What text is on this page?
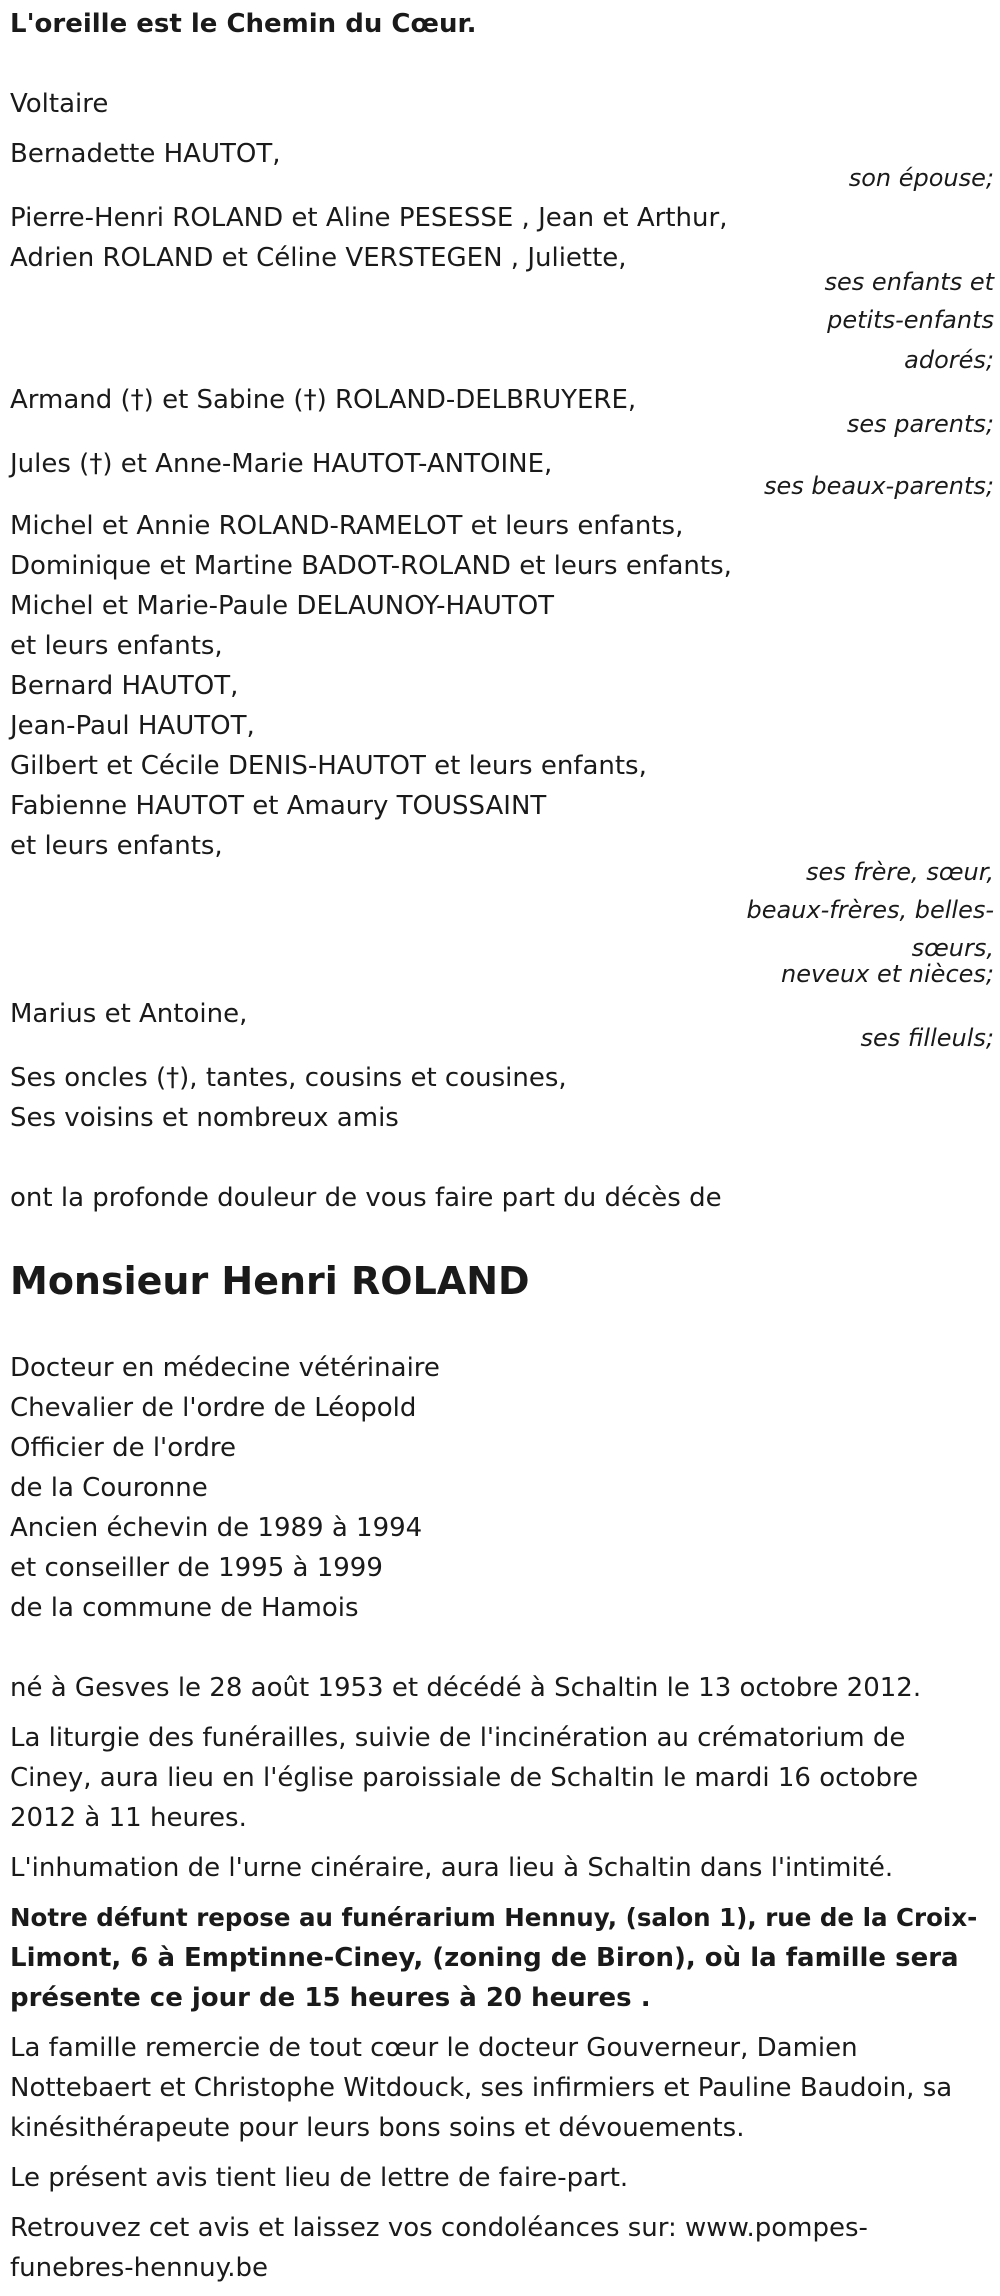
L'oreille est le Chemin du Cœur.
Voltaire
Bernadette HAUTOT,
son épouse;
Pierre-Henri ROLAND et Aline PESESSE , Jean et Arthur,
Adrien ROLAND et Céline VERSTEGEN , Juliette,
ses enfants et
petits-enfants
adorés;
Armand (†) et Sabine (†) ROLAND-DELBRUYERE,
ses parents;
Jules (†) et Anne-Marie HAUTOT-ANTOINE,
ses beaux-parents;
Michel et Annie ROLAND-RAMELOT et leurs enfants,
Dominique et Martine BADOT-ROLAND et leurs enfants,
Michel et Marie-Paule DELAUNOY-HAUTOT
et leurs enfants,
Bernard HAUTOT,
Jean-Paul HAUTOT,
Gilbert et Cécile DENIS-HAUTOT et leurs enfants,
Fabienne HAUTOT et Amaury TOUSSAINT
et leurs enfants,
ses frère, sœur,
beaux-frères, belles-
sœurs,
neveux et nièces;
Marius et Antoine,
ses filleuls;
Ses oncles (†), tantes, cousins et cousines,
Ses voisins et nombreux amis
ont la profonde douleur de vous faire part du décès de
Monsieur Henri ROLAND
Docteur en médecine vétérinaire
Chevalier de l'ordre de Léopold
Officier de l'ordre
de la Couronne
Ancien échevin de 1989 à 1994
et conseiller de 1995 à 1999
de la commune de Hamois
né à Gesves le 28 août 1953 et décédé à Schaltin le 13 octobre 2012.
La liturgie des funérailles, suivie de l'incinération au crématorium de
Ciney, aura lieu en l'église paroissiale de Schaltin le mardi 16 octobre
2012 à 11 heures.
L'inhumation de l'urne cinéraire, aura lieu à Schaltin dans l'intimité.
Notre défunt repose au funérarium Hennuy, (salon 1), rue de la Croix-
Limont, 6 à Emptinne-Ciney, (zoning de Biron), où la famille sera
présente ce jour de 15 heures à 20 heures .
La famille remercie de tout cœur le docteur Gouverneur, Damien
Nottebaert et Christophe Witdouck, ses infirmiers et Pauline Baudoin, sa
kinésithérapeute pour leurs bons soins et dévouements.
Le présent avis tient lieu de lettre de faire-part.
Retrouvez cet avis et laissez vos condoléances sur: www.pompes-
funebres-hennuy.be
